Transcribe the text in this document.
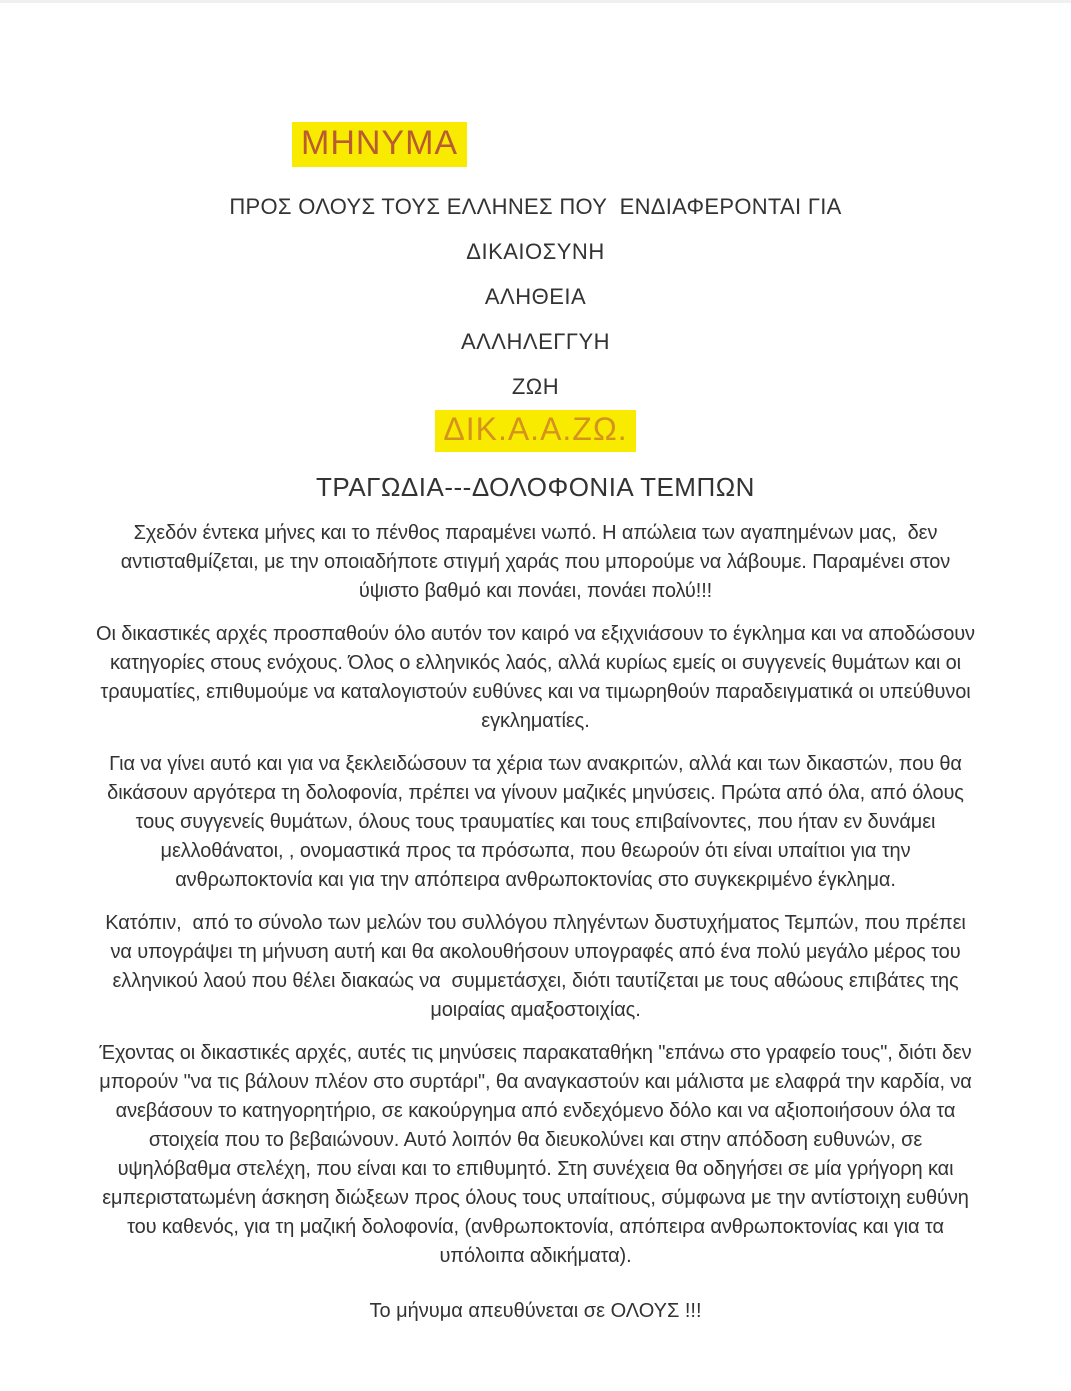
ΜΗΝΥΜΑ
ΠΡΟΣ ΟΛΟΥΣ ΤΟΥΣ ΕΛΛΗΝΕΣ ΠΟΥ  ΕΝΔΙΑΦΕΡΟΝΤΑΙ ΓΙΑ
ΔΙΚΑΙΟΣΥΝΗ
ΑΛΗΘΕΙΑ
ΑΛΛΗΛΕΓΓΥΗ
ΖΩΗ
ΔΙΚ.Α.Α.ΖΩ.
ΤΡΑΓΩΔΙΑ---ΔΟΛΟΦΟΝΙΑ ΤΕΜΠΩΝ

Σχεδόν έντεκα μήνες και το πένθος παραμένει νωπό. Η απώλεια των αγαπημένων μας,  δεν αντισταθμίζεται, με την οποιαδήποτε στιγμή χαράς που μπορούμε να λάβουμε. Παραμένει στον ύψιστο βαθμό και πονάει, πονάει πολύ!!!

Οι δικαστικές αρχές προσπαθούν όλο αυτόν τον καιρό να εξιχνιάσουν το έγκλημα και να αποδώσουν κατηγορίες στους ενόχους. Όλος ο ελληνικός λαός, αλλά κυρίως εμείς οι συγγενείς θυμάτων και οι τραυματίες, επιθυμούμε να καταλογιστούν ευθύνες και να τιμωρηθούν παραδειγματικά οι υπεύθυνοι εγκληματίες.

Για να γίνει αυτό και για να ξεκλειδώσουν τα χέρια των ανακριτών, αλλά και των δικαστών, που θα δικάσουν αργότερα τη δολοφονία, πρέπει να γίνουν μαζικές μηνύσεις. Πρώτα από όλα, από όλους τους συγγενείς θυμάτων, όλους τους τραυματίες και τους επιβαίνοντες, που ήταν εν δυνάμει μελλοθάνατοι, , ονομαστικά προς τα πρόσωπα, που θεωρούν ότι είναι υπαίτιοι για την ανθρωποκτονία και για την απόπειρα ανθρωποκτονίας στο συγκεκριμένο έγκλημα.

Κατόπιν,  από το σύνολο των μελών του συλλόγου πληγέντων δυστυχήματος Τεμπών, που πρέπει να υπογράψει τη μήνυση αυτή και θα ακολουθήσουν υπογραφές από ένα πολύ μεγάλο μέρος του ελληνικού λαού που θέλει διακαώς να  συμμετάσχει, διότι ταυτίζεται με τους αθώους επιβάτες της μοιραίας αμαξοστοιχίας.

Έχοντας οι δικαστικές αρχές, αυτές τις μηνύσεις παρακαταθήκη "επάνω στο γραφείο τους", διότι δεν μπορούν "να τις βάλουν πλέον στο συρτάρι", θα αναγκαστούν και μάλιστα με ελαφρά την καρδία, να ανεβάσουν το κατηγορητήριο, σε κακούργημα από ενδεχόμενο δόλο και να αξιοποιήσουν όλα τα στοιχεία που το βεβαιώνουν. Αυτό λοιπόν θα διευκολύνει και στην απόδοση ευθυνών, σε υψηλόβαθμα στελέχη, που είναι και το επιθυμητό. Στη συνέχεια θα οδηγήσει σε μία γρήγορη και εμπεριστατωμένη άσκηση διώξεων προς όλους τους υπαίτιους, σύμφωνα με την αντίστοιχη ευθύνη του καθενός, για τη μαζική δολοφονία, (ανθρωποκτονία, απόπειρα ανθρωποκτονίας και για τα υπόλοιπα αδικήματα).

Το μήνυμα απευθύνεται σε ΟΛΟΥΣ !!!
